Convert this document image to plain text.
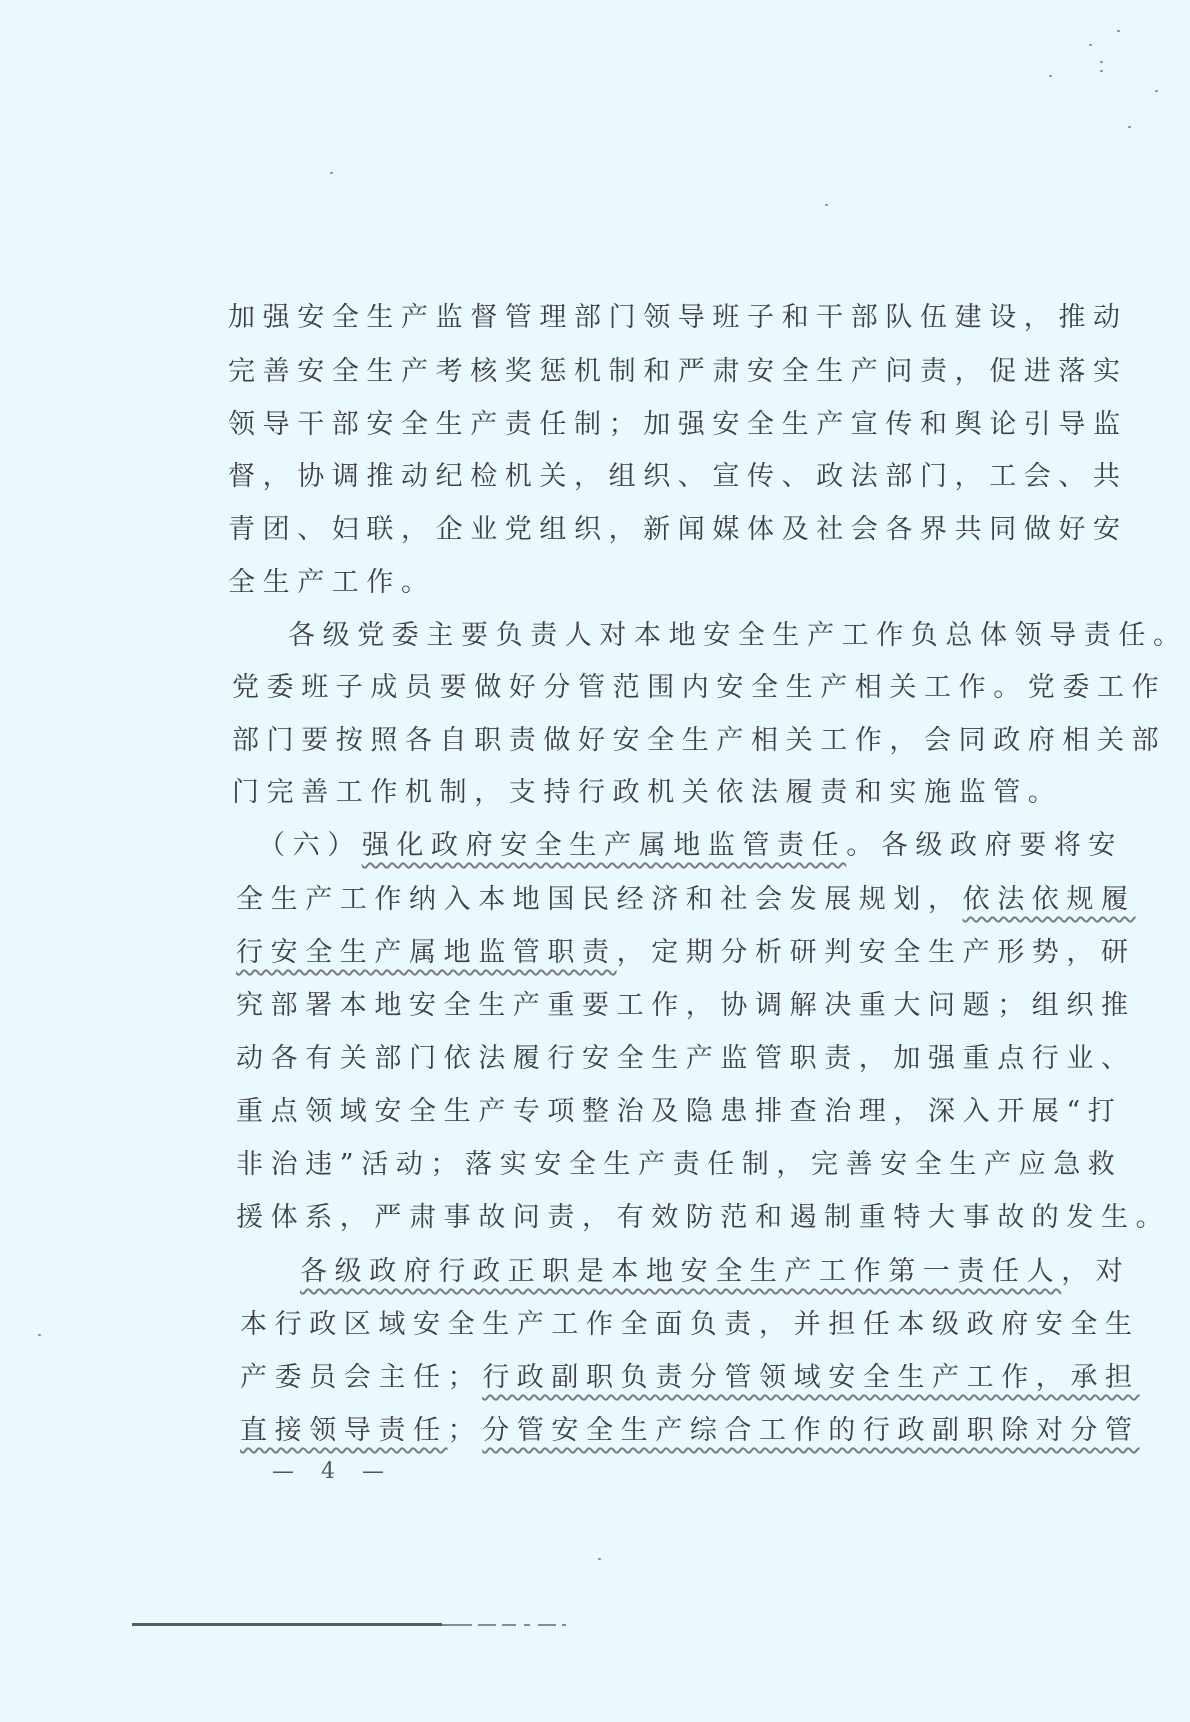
加强安全生产监督管理部门领导班子和干部队伍建设，推动
完善安全生产考核奖惩机制和严肃安全生产问责，促进落实
领导干部安全生产责任制；加强安全生产宣传和舆论引导监
督，协调推动纪检机关，组织、宣传、政法部门，工会、共
青团、妇联，企业党组织，新闻媒体及社会各界共同做好安
全生产工作。
各级党委主要负责人对本地安全生产工作负总体领导责任。
党委班子成员要做好分管范围内安全生产相关工作。党委工作
部门要按照各自职责做好安全生产相关工作，会同政府相关部
门完善工作机制，支持行政机关依法履责和实施监管。
（六）强化政府安全生产属地监管责任。各级政府要将安
全生产工作纳入本地国民经济和社会发展规划，依法依规履
行安全生产属地监管职责，定期分析研判安全生产形势，研
究部署本地安全生产重要工作，协调解决重大问题；组织推
动各有关部门依法履行安全生产监管职责，加强重点行业、
重点领域安全生产专项整治及隐患排查治理，深入开展“打
非治违”活动；落实安全生产责任制，完善安全生产应急救
援体系，严肃事故问责，有效防范和遏制重特大事故的发生。
各级政府行政正职是本地安全生产工作第一责任人，对
本行政区域安全生产工作全面负责，并担任本级政府安全生
产委员会主任；行政副职负责分管领域安全生产工作，承担
直接领导责任；分管安全生产综合工作的行政副职除对分管
— 4 —
